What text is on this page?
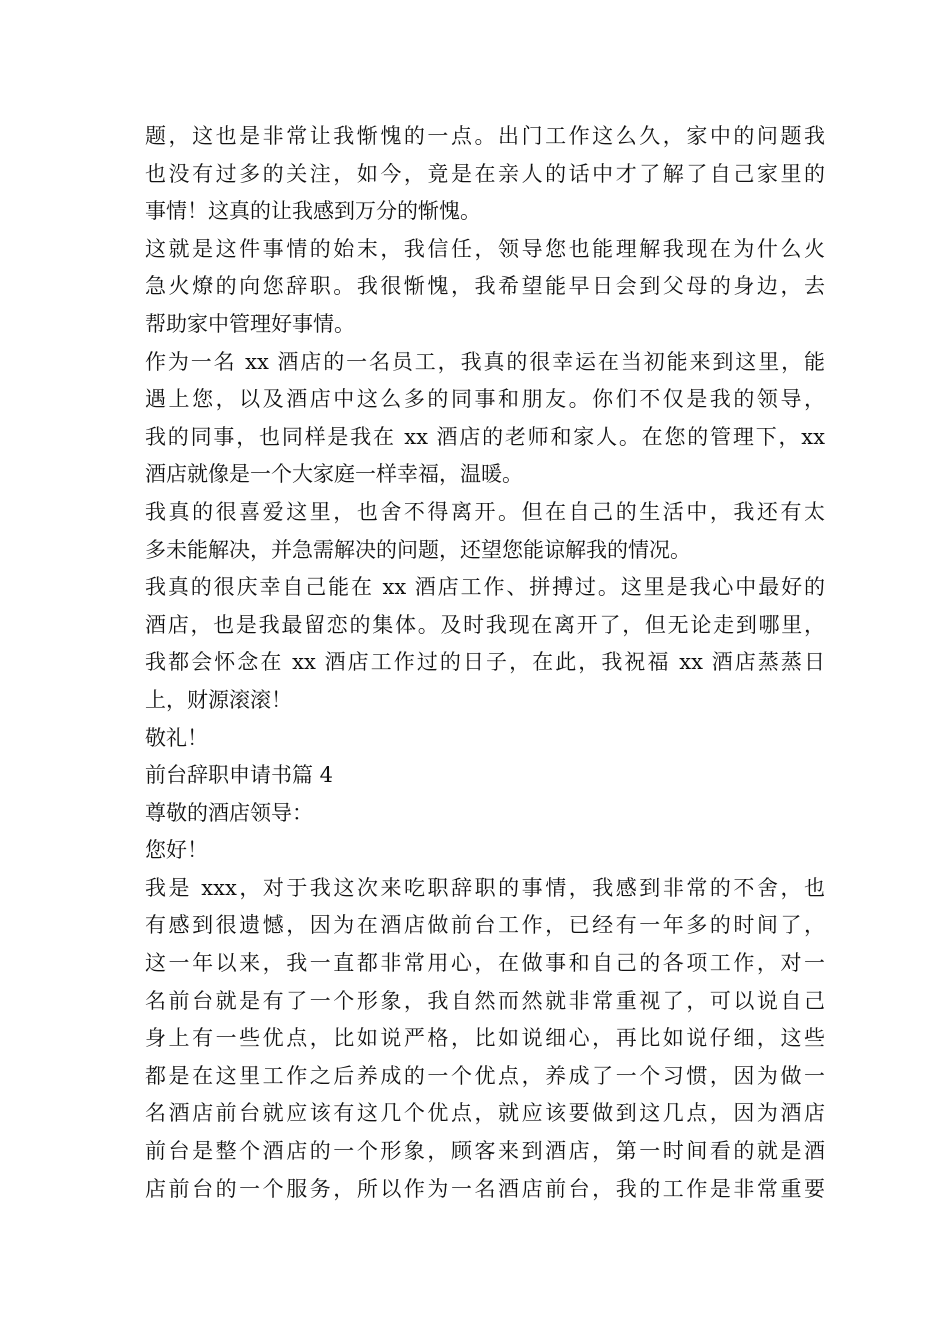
题，这也是非常让我惭愧的一点。出门工作这么久，家中的问题我
也没有过多的关注，如今，竟是在亲人的话中才了解了自己家里的
事情！这真的让我感到万分的惭愧。
这就是这件事情的始末，我信任，领导您也能理解我现在为什么火
急火燎的向您辞职。我很惭愧，我希望能早日会到父母的身边，去
帮助家中管理好事情。
作为一名 xx 酒店的一名员工，我真的很幸运在当初能来到这里，能
遇上您，以及酒店中这么多的同事和朋友。你们不仅是我的领导，
我的同事，也同样是我在 xx 酒店的老师和家人。在您的管理下，xx
酒店就像是一个大家庭一样幸福，温暖。
我真的很喜爱这里，也舍不得离开。但在自己的生活中，我还有太
多未能解决，并急需解决的问题，还望您能谅解我的情况。
我真的很庆幸自己能在 xx 酒店工作、拼搏过。这里是我心中最好的
酒店，也是我最留恋的集体。及时我现在离开了，但无论走到哪里，
我都会怀念在 xx 酒店工作过的日子，在此，我祝福 xx 酒店蒸蒸日
上，财源滚滚！
敬礼！
前台辞职申请书篇 4
尊敬的酒店领导：
您好！
我是 xxx，对于我这次来吃职辞职的事情，我感到非常的不舍，也
有感到很遗憾，因为在酒店做前台工作，已经有一年多的时间了，
这一年以来，我一直都非常用心，在做事和自己的各项工作，对一
名前台就是有了一个形象，我自然而然就非常重视了，可以说自己
身上有一些优点，比如说严格，比如说细心，再比如说仔细，这些
都是在这里工作之后养成的一个优点，养成了一个习惯，因为做一
名酒店前台就应该有这几个优点，就应该要做到这几点，因为酒店
前台是整个酒店的一个形象，顾客来到酒店，第一时间看的就是酒
店前台的一个服务，所以作为一名酒店前台，我的工作是非常重要
